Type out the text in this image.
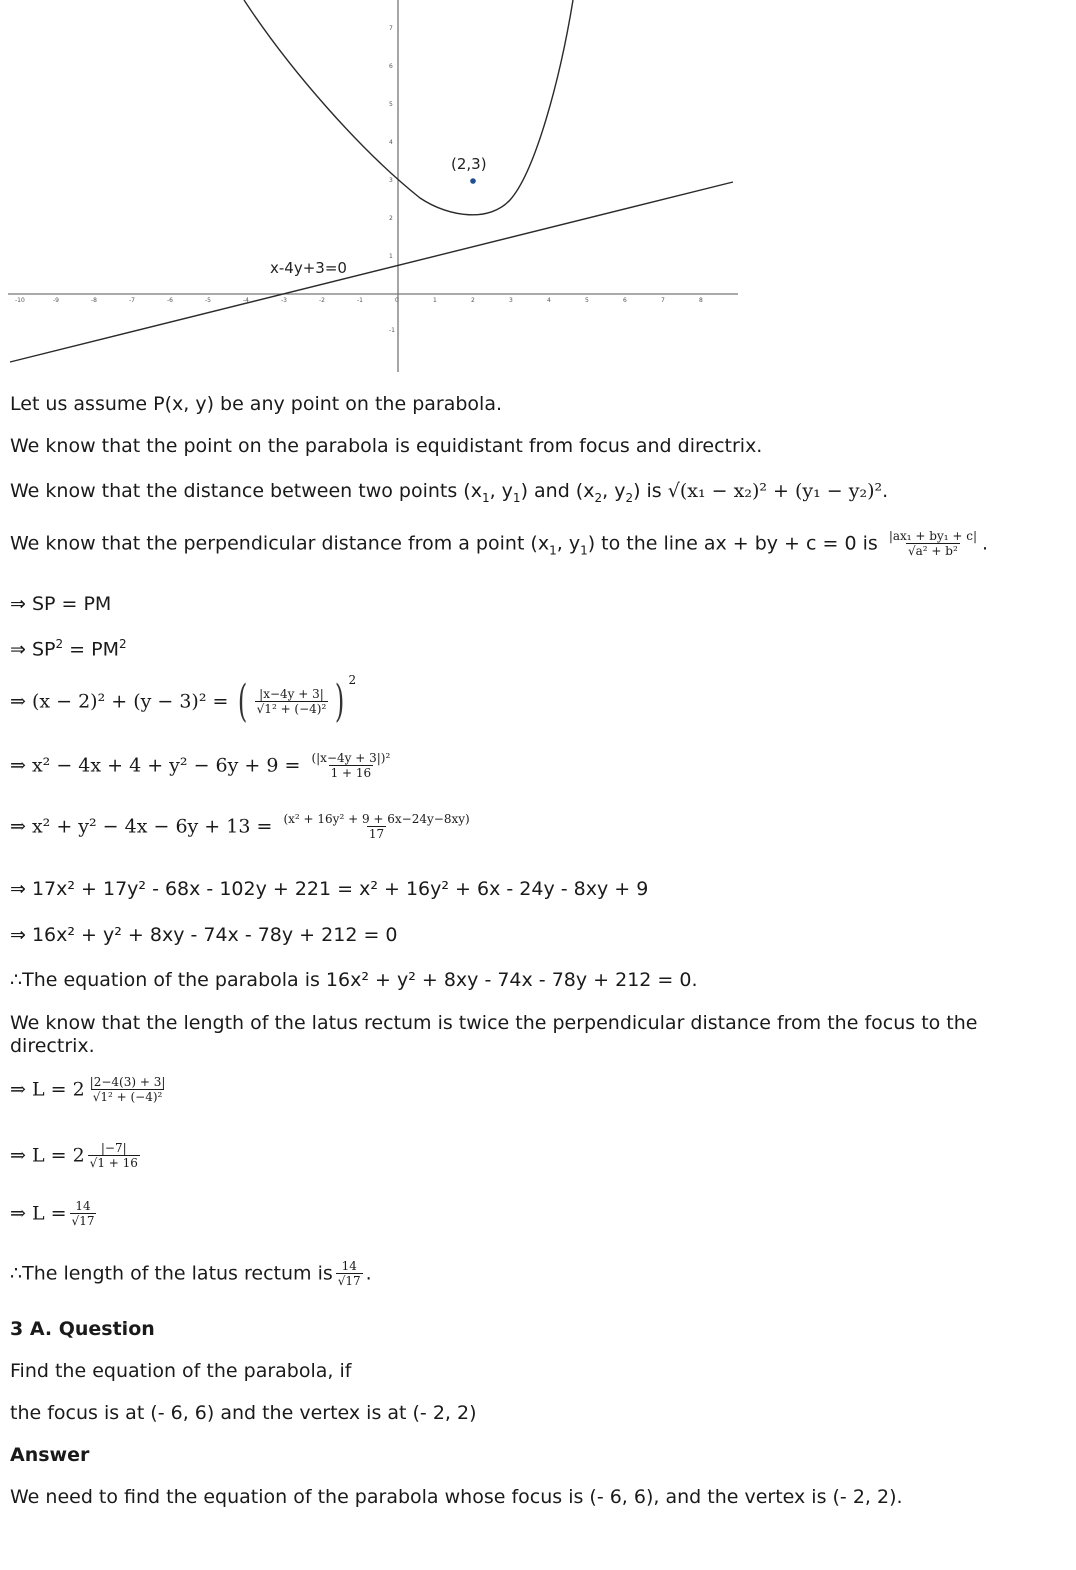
-10	-9	-8	-7	-6	-5	-4	-3	-2	-1	0	1	2	3	4	5	6	7	8
7
6
5
4
3
2
1
-1
(2,3)
x-4y+3=0
Let us assume P(x, y) be any point on the parabola.
We know that the point on the parabola is equidistant from focus and directrix.
We know that the distance between two points ($x_1$, $y_1$) and ($x_2$, $y_2$) is √(x₁ − x₂)² + (y₁ − y₂)².
We know that the perpendicular distance from a point ($x_1$, $y_1$) to the line ax + by + c = 0 is $\frac{\text{|ax₁ + by₁ + c|}}{\text{√a² + b²}}$ .
⇒ SP = PM
⇒ $SP^2 = PM^2$
⇒ (x − 2)² + (y − 3)² = ( $\frac{|x-4y + 3|}{\text{√1² + (−4)²}}$ ) $^2$
⇒ $x^2 - 4x + 4 + y^2 - 6y + 9 = \frac{\text{(|x−4y + 3|)²}}{1 + 16}$
⇒ $x^2 + y^2 - 4x - 6y + 13 = \frac{\text{(x² + 16y² + 9 + 6x−24y−8xy)}}{17}$
⇒ 17x² + 17y² - 68x - 102y + 221 = x² + 16y² + 6x - 24y - 8xy + 9
⇒ 16x² + y² + 8xy - 74x - 78y + 212 = 0
∴The equation of the parabola is 16x² + y² + 8xy - 74x - 78y + 212 = 0.
We know that the length of the latus rectum is twice the perpendicular distance from the focus to the directrix.
⇒ $L = 2 \frac{|2-4(3) + 3|}{\text{√1² + (−4)²}}$
⇒ $L = 2 \frac{|-7|}{√1 + 16}$
⇒ $L = \frac{14}{√17}$
∴The length of the latus rectum is $\frac{14}{√17}$ .
3 A. Question
Find the equation of the parabola, if
the focus is at (- 6, 6) and the vertex is at (- 2, 2)
Answer
We need to find the equation of the parabola whose focus is (- 6, 6), and the vertex is (- 2, 2).
